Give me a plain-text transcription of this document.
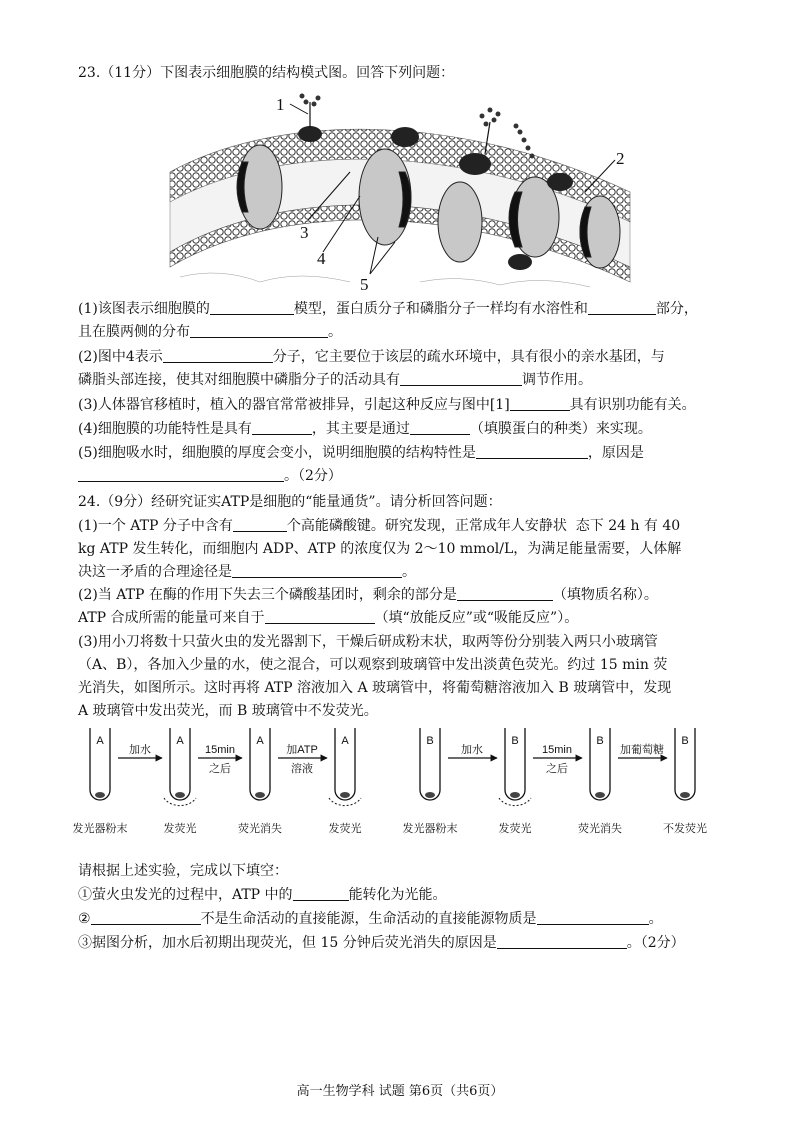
23.（11分）下图表示细胞膜的结构模式图。回答下列问题：
1
2
3
4
5
(1)该图表示细胞膜的	模型，蛋白质分子和磷脂分子一样均有水溶性和	部分，
且在膜两侧的分布	。
(2)图中4表示	分子，它主要位于该层的疏水环境中，具有很小的亲水基团，与
磷脂头部连接，使其对细胞膜中磷脂分子的活动具有	调节作用。
(3)人体器官移植时，植入的器官常常被排异，引起这种反应与图中[1]	具有识别功能有关。
(4)细胞膜的功能特性是具有	，其主要是通过	（填膜蛋白的种类）来实现。
(5)细胞吸水时，细胞膜的厚度会变小，说明细胞膜的结构特性是	，原因是
。（2分）
24.（9分）经研究证实ATP是细胞的“能量通货”。请分析回答问题：
(1)一个 ATP 分子中含有	个高能磷酸键。研究发现，正常成年人安静状  态下 24 h 有 40
kg ATP 发生转化，而细胞内 ADP、ATP 的浓度仅为 2～10 mmol/L，为满足能量需要，人体解
决这一矛盾的合理途径是	。
(2)当 ATP 在酶的作用下失去三个磷酸基团时，剩余的部分是	（填物质名称）。
ATP 合成所需的能量可来自于	（填“放能反应”或“吸能反应”）。
(3)用小刀将数十只萤火虫的发光器割下，干燥后研成粉末状，取两等份分别装入两只小玻璃管
（A、B），各加入少量的水，使之混合，可以观察到玻璃管中发出淡黄色荧光。约过 15 min 荧
光消失，如图所示。这时再将 ATP 溶液加入 A 玻璃管中，将葡萄糖溶液加入 B 玻璃管中，发现
A 玻璃管中发出荧光，而 B 玻璃管中不发荧光。
A	A	A	A	B	B	B	B
加水	15min
之后
加ATP
溶液
加水	15min
之后
加葡萄糖
发光器粉末	发荧光	荧光消失	发荧光	发光器粉末	发荧光	荧光消失	不发荧光
请根据上述实验，完成以下填空：
①萤火虫发光的过程中，ATP 中的	能转化为光能。
②	不是生命活动的直接能源，生命活动的直接能源物质是	。
③据图分析，加水后初期出现荧光，但 15 分钟后荧光消失的原因是	。（2分）
高一生物学科 试题 第6页（共6页）
